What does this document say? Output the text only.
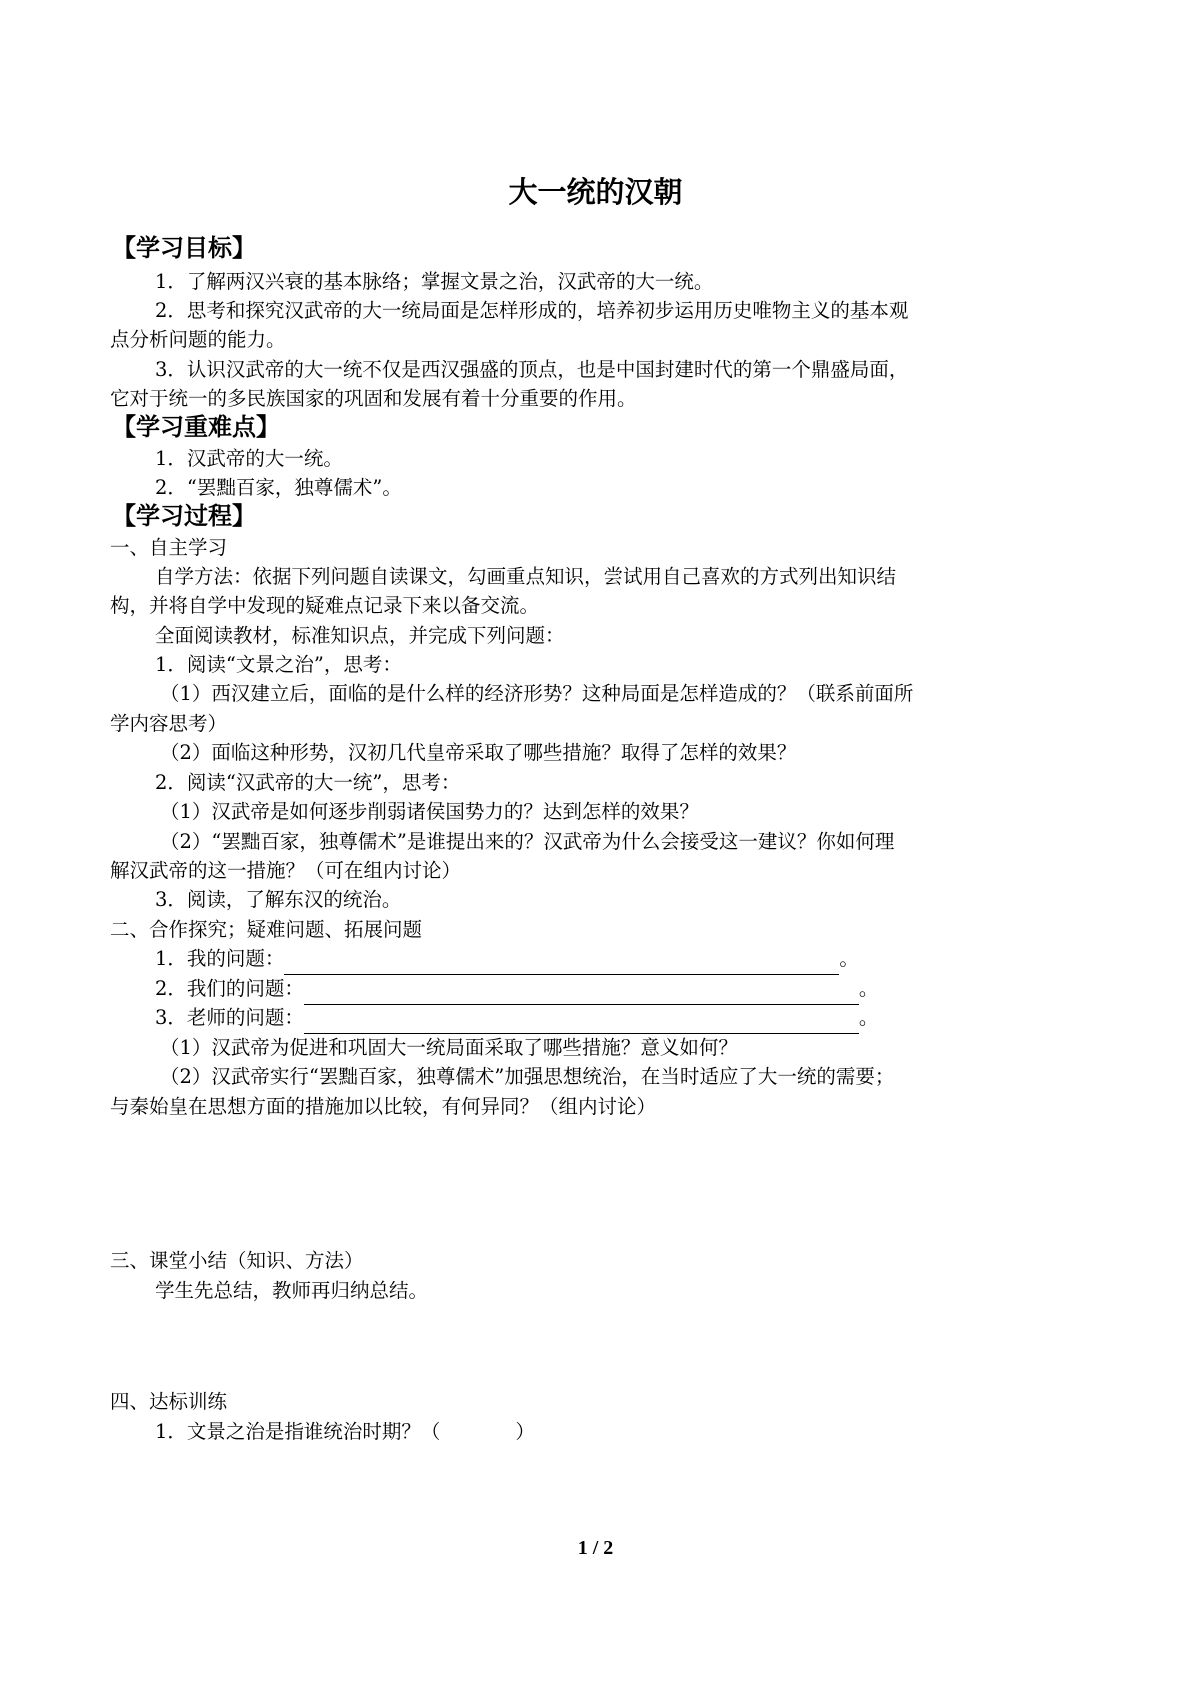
大一统的汉朝
【学习目标】
1．了解两汉兴衰的基本脉络；掌握文景之治，汉武帝的大一统。
2．思考和探究汉武帝的大一统局面是怎样形成的，培养初步运用历史唯物主义的基本观
点分析问题的能力。
3．认识汉武帝的大一统不仅是西汉强盛的顶点，也是中国封建时代的第一个鼎盛局面，
它对于统一的多民族国家的巩固和发展有着十分重要的作用。
【学习重难点】
1．汉武帝的大一统。
2．“罢黜百家，独尊儒术”。
【学习过程】
一、自主学习
自学方法：依据下列问题自读课文，勾画重点知识，尝试用自己喜欢的方式列出知识结
构，并将自学中发现的疑难点记录下来以备交流。
全面阅读教材，标准知识点，并完成下列问题：
1．阅读“文景之治”，思考：
（1）西汉建立后，面临的是什么样的经济形势？这种局面是怎样造成的？（联系前面所
学内容思考）
（2）面临这种形势，汉初几代皇帝采取了哪些措施？取得了怎样的效果？
2．阅读“汉武帝的大一统”，思考：
（1）汉武帝是如何逐步削弱诸侯国势力的？达到怎样的效果？
（2）“罢黜百家，独尊儒术”是谁提出来的？汉武帝为什么会接受这一建议？你如何理
解汉武帝的这一措施？（可在组内讨论）
3．阅读，了解东汉的统治。
二、合作探究；疑难问题、拓展问题
1．我的问题：	。
2．我们的问题：	。
3．老师的问题：	。
（1）汉武帝为促进和巩固大一统局面采取了哪些措施？意义如何？
（2）汉武帝实行“罢黜百家，独尊儒术”加强思想统治，在当时适应了大一统的需要；
与秦始皇在思想方面的措施加以比较，有何异同？（组内讨论）
三、课堂小结（知识、方法）
学生先总结，教师再归纳总结。
四、达标训练
1．文景之治是指谁统治时期？（	）
1 / 2
